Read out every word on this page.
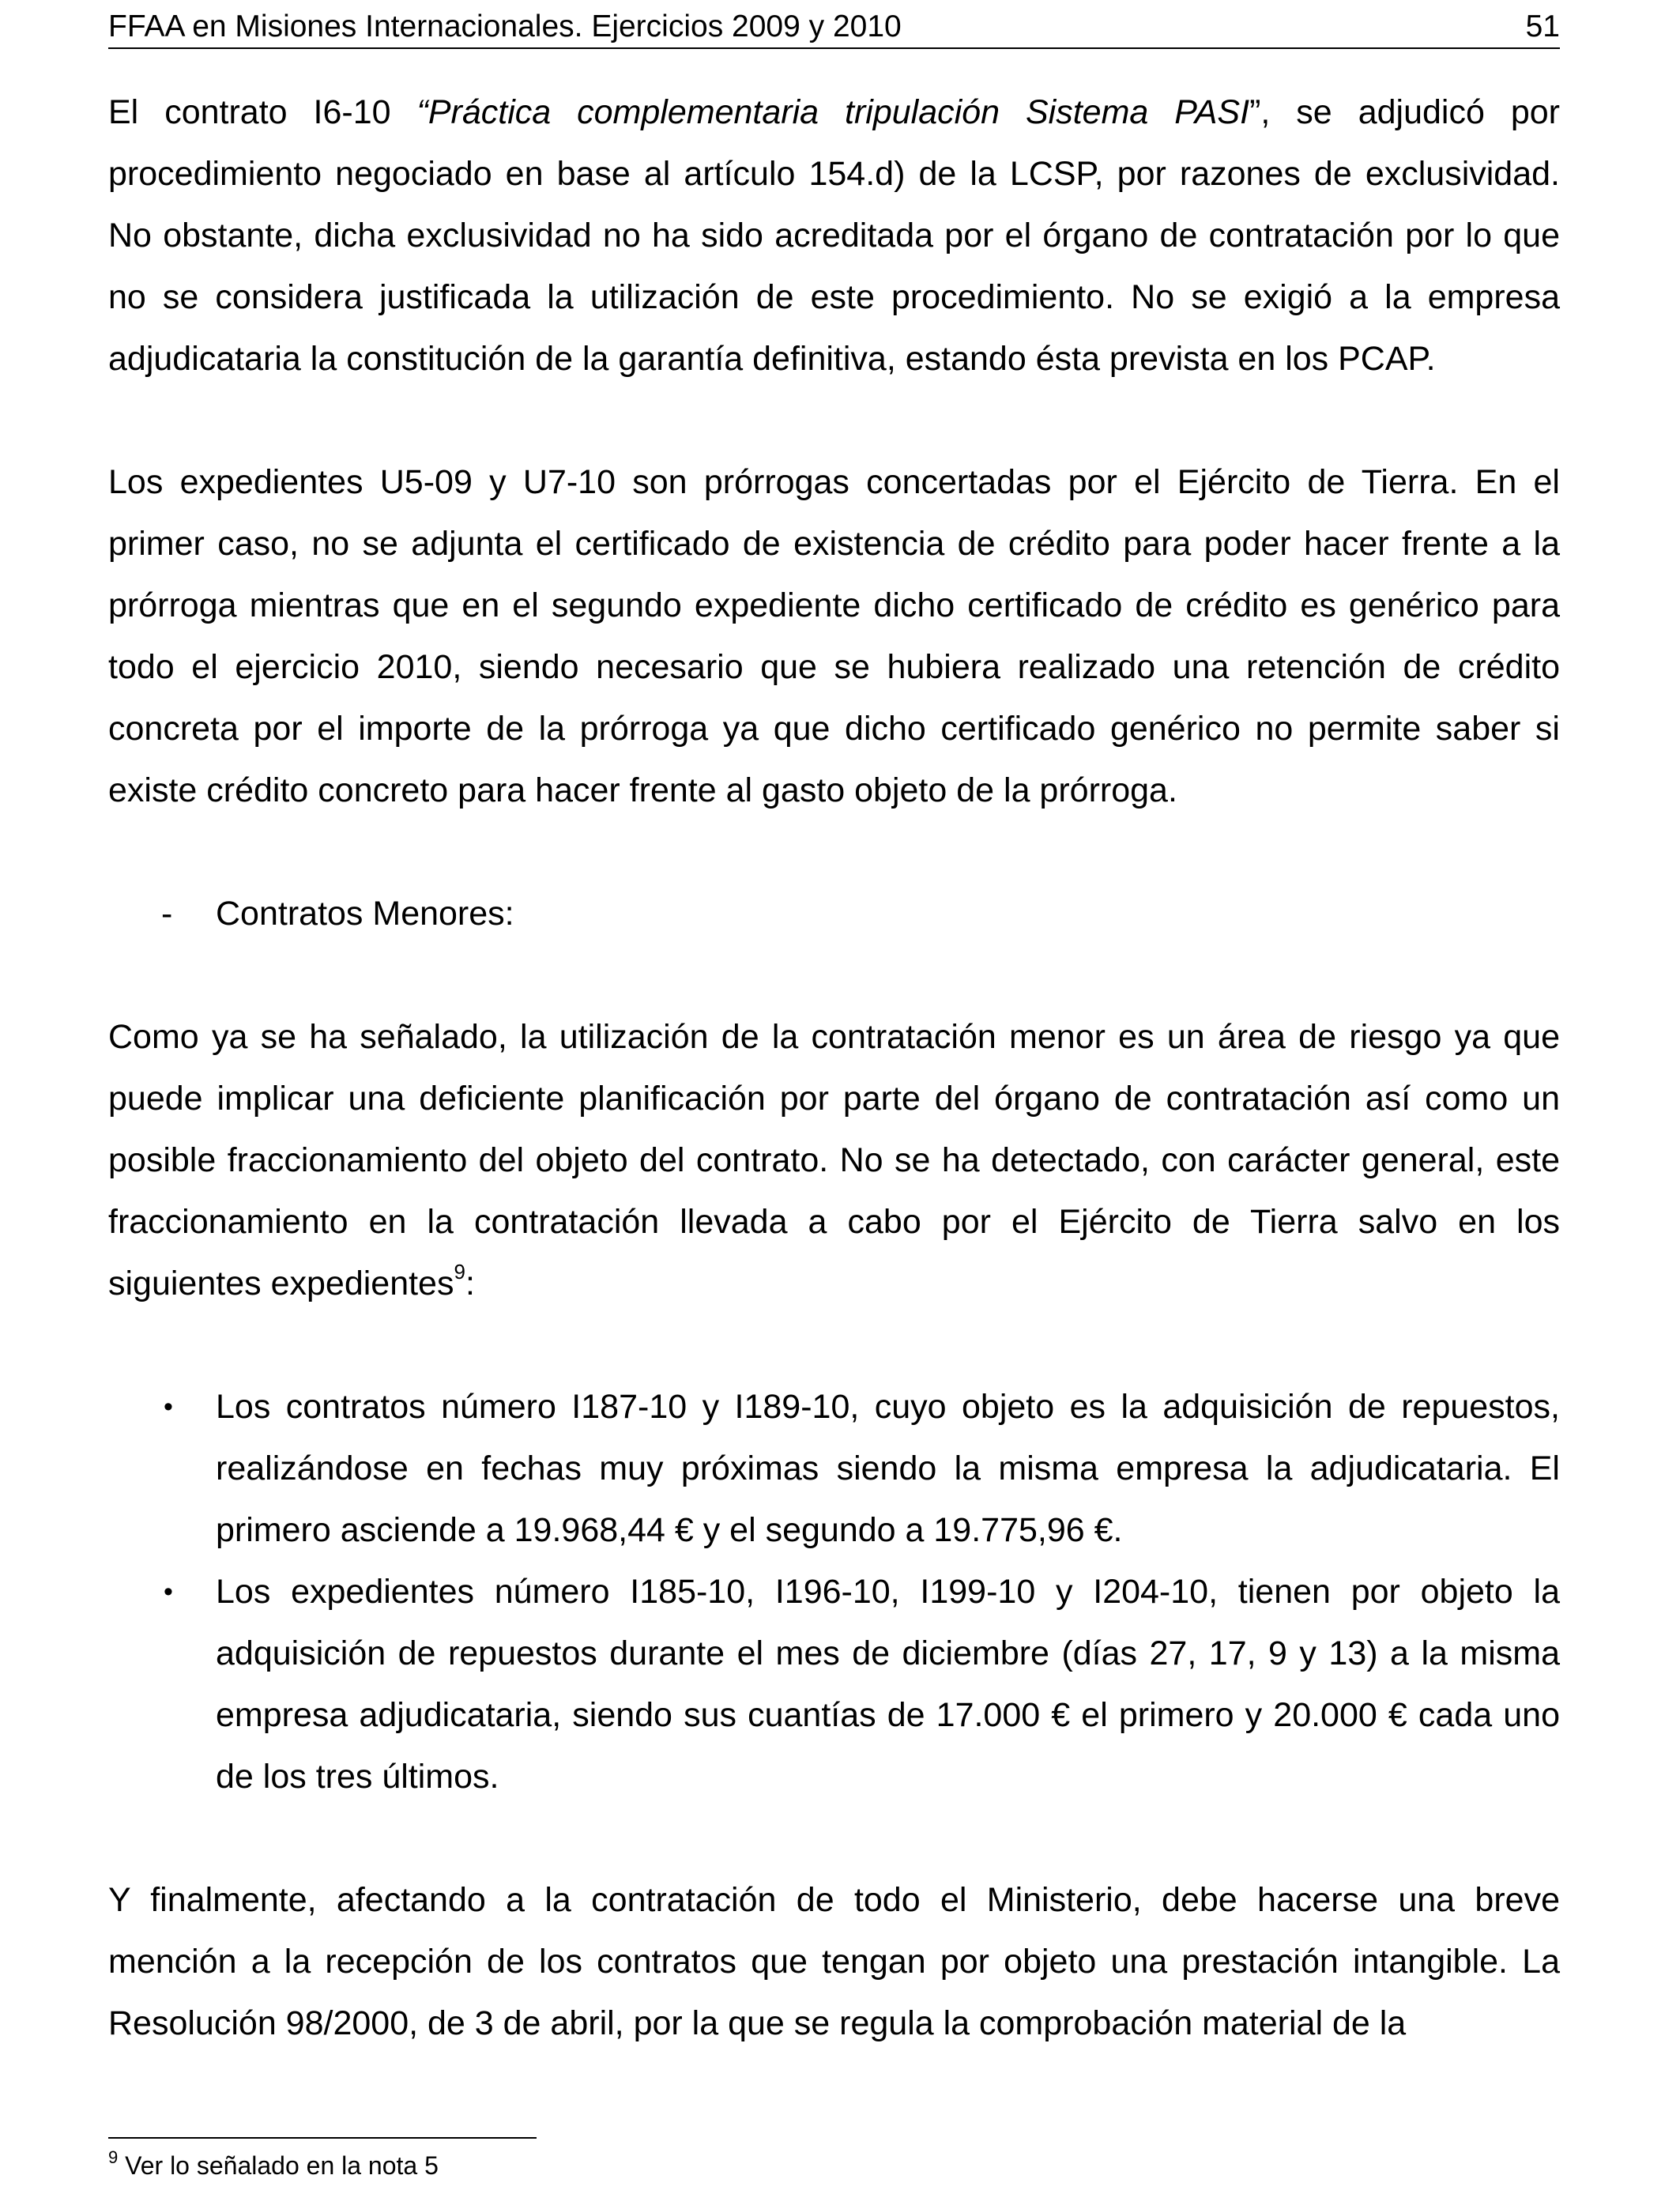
FFAA en Misiones Internacionales. Ejercicios 2009 y 2010	51

El contrato I6-10 “Práctica complementaria tripulación Sistema PASI”, se adjudicó por procedimiento negociado en base al artículo 154.d) de la LCSP, por razones de exclusividad. No obstante, dicha exclusividad no ha sido acreditada por el órgano de contratación por lo que no se considera justificada la utilización de este procedimiento. No se exigió a la empresa adjudicataria la constitución de la garantía definitiva, estando ésta prevista en los PCAP.

Los expedientes U5-09 y U7-10 son prórrogas concertadas por el Ejército de Tierra. En el primer caso, no se adjunta el certificado de existencia de crédito para poder hacer frente a la prórroga mientras que en el segundo expediente dicho certificado de crédito es genérico para todo el ejercicio 2010, siendo necesario que se hubiera realizado una retención de crédito concreta por el importe de la prórroga ya que dicho certificado genérico no permite saber si existe crédito concreto para hacer frente al gasto objeto de la prórroga.

- Contratos Menores:

Como ya se ha señalado, la utilización de la contratación menor es un área de riesgo ya que puede implicar una deficiente planificación por parte del órgano de contratación así como un posible fraccionamiento del objeto del contrato. No se ha detectado, con carácter general, este fraccionamiento en la contratación llevada a cabo por el Ejército de Tierra salvo en los siguientes expedientes$^9$:

• Los contratos número I187-10 y I189-10, cuyo objeto es la adquisición de repuestos, realizándose en fechas muy próximas siendo la misma empresa la adjudicataria. El primero asciende a 19.968,44 € y el segundo a 19.775,96 €.
• Los expedientes número I185-10, I196-10, I199-10 y I204-10, tienen por objeto la adquisición de repuestos durante el mes de diciembre (días 27, 17, 9 y 13) a la misma empresa adjudicataria, siendo sus cuantías de 17.000 € el primero y 20.000 € cada uno de los tres últimos.

Y finalmente, afectando a la contratación de todo el Ministerio, debe hacerse una breve mención a la recepción de los contratos que tengan por objeto una prestación intangible. La Resolución 98/2000, de 3 de abril, por la que se regula la comprobación material de la

$^9$ Ver lo señalado en la nota 5
